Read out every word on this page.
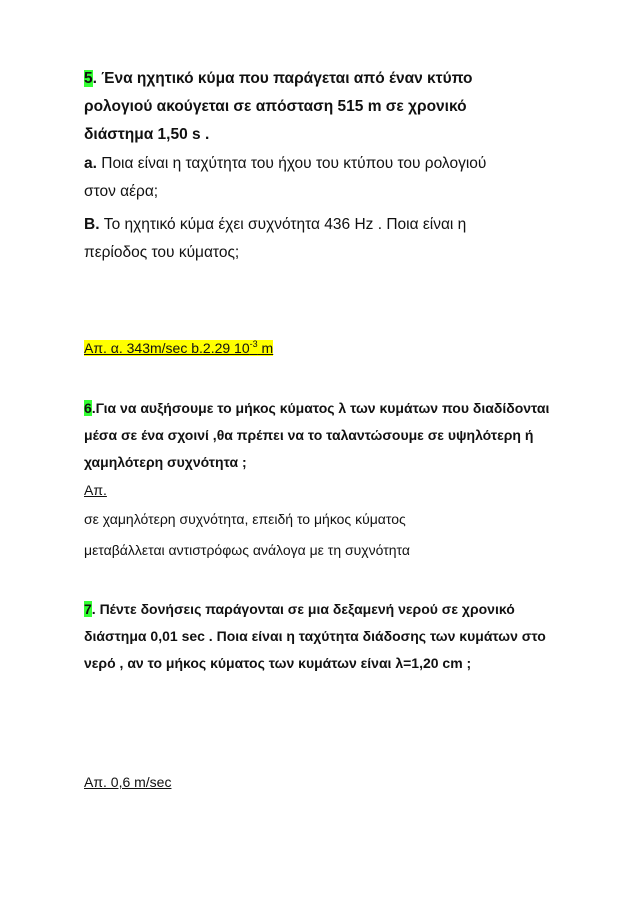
5. Ένα ηχητικό κύμα που παράγεται από έναν κτύπο
ρολογιού ακούγεται σε απόσταση 515 m σε χρονικό
διάστημα 1,50 s .
a. Ποια είναι η ταχύτητα του ήχου του κτύπου του ρολογιού
στον αέρα;
B. Το ηχητικό κύμα έχει συχνότητα 436 Hz . Ποια είναι η
περίοδος του κύματος;
Απ. α. 343m/sec b.2.29 $10^{-3}$ m
6.Για να αυξήσουμε το μήκος κύματος λ των κυμάτων που διαδίδονται
μέσα σε ένα σχοινί ,θα πρέπει να το ταλαντώσουμε σε υψηλότερη ή
χαμηλότερη συχνότητα ;
Απ.
σε χαμηλότερη συχνότητα, επειδή το μήκος κύματος
μεταβάλλεται αντιστρόφως ανάλογα με τη συχνότητα
7. Πέντε δονήσεις παράγονται σε μια δεξαμενή νερού σε χρονικό
διάστημα 0,01 sec . Ποια είναι η ταχύτητα διάδοσης των κυμάτων στο
νερό , αν το μήκος κύματος των κυμάτων είναι λ=1,20 cm ;
Απ. 0,6 m/sec
